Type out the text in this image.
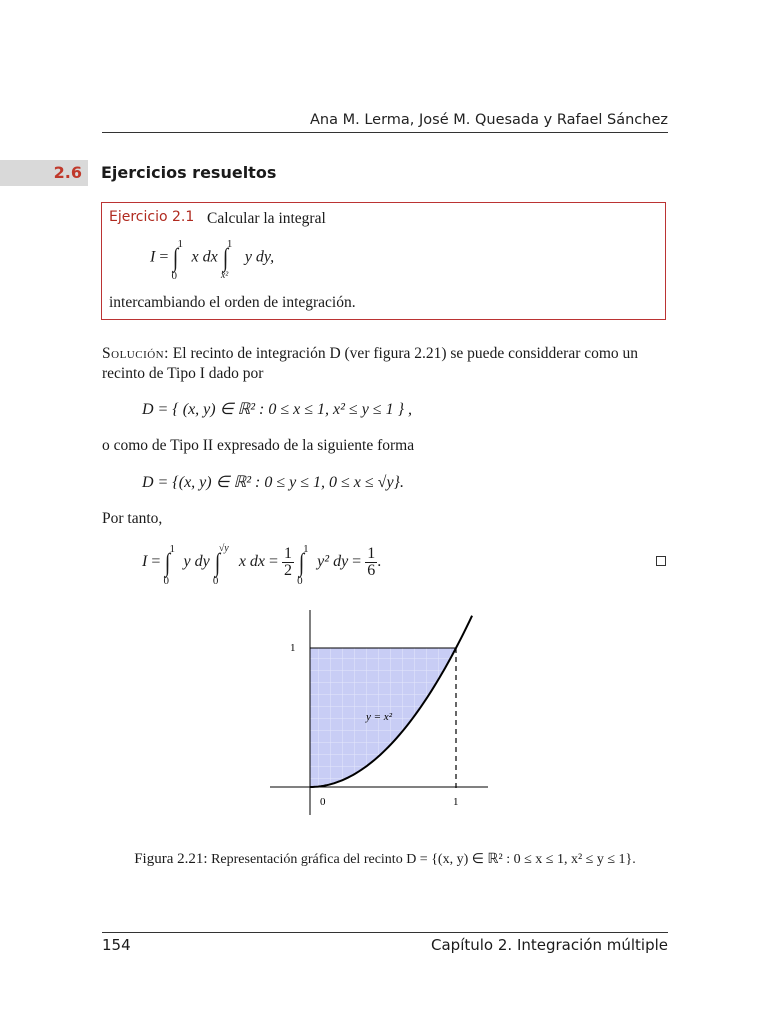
Ana M. Lerma, José M. Quesada y Rafael Sánchez
2.6 Ejercicios resueltos
Ejercicio 2.1 Calcular la integral
I = ∫
1
0
x dx ∫
1
x²
y dy,
intercambiando el orden de integración.
Solución: El recinto de integración D (ver figura 2.21) se puede considderar como un recinto de Tipo I dado por
D = { (x, y) ∈ ℝ² : 0 ≤ x ≤ 1, x² ≤ y ≤ 1 } ,
o como de Tipo II expresado de la siguiente forma
D = {(x, y) ∈ ℝ² : 0 ≤ y ≤ 1, 0 ≤ x ≤ √y}.
Por tanto,
I = ∫
1
0
y dy ∫
√y
0
x dx = $\frac{1}{2}$ ∫
1
0
y² dy = $\frac{1}{6}$ .
1
0	1
y = x²
Figura 2.21: Representación gráfica del recinto D = {(x, y) ∈ ℝ² : 0 ≤ x ≤ 1, x² ≤ y ≤ 1}.
154	Capítulo 2. Integración múltiple
